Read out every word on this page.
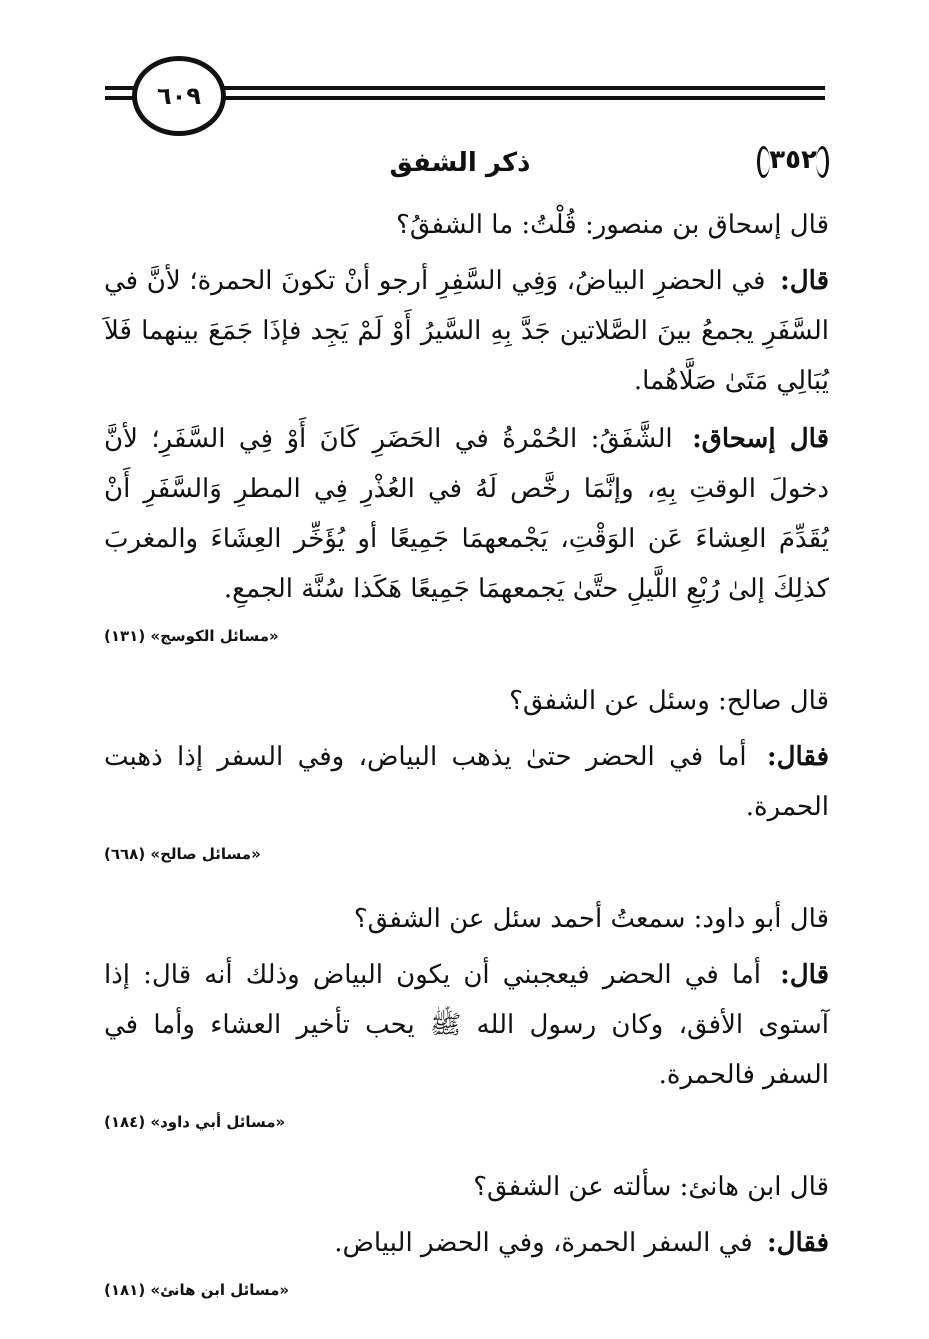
٦٠٩
ذكر الشفق	٣٥٢

قال إسحاق بن منصور: قُلْتُ: ما الشفقُ؟

قال: في الحضرِ البياضُ، وَفِي السَّفِرِ أرجو أنْ تكونَ الحمرة؛ لأنَّ في السَّفَرِ يجمعُ بينَ الصَّلاتين جَدَّ بِهِ السَّيرُ أَوْ لَمْ يَجِد فإذَا جَمَعَ بينهما فَلاَ يُبَالِي مَتَىٰ صَلَّاهُما.

قال إسحاق: الشَّفَقُ: الحُمْرةُ في الحَضَرِ كَانَ أَوْ فِي السَّفَرِ؛ لأنَّ دخولَ الوقتِ بِهِ، وإنَّمَا رخَّص لَهُ في العُذْرِ فِي المطرِ وَالسَّفَرِ أَنْ يُقَدِّمَ العِشاءَ عَن الوَقْتِ، يَجْمعهمَا جَمِيعًا أو يُؤَخِّر العِشَاءَ والمغربَ كذلِكَ إلىٰ رُبْعِ اللَّيلِ حتَّىٰ يَجمعهمَا جَمِيعًا هَكَذا سُنَّة الجمعِ.

«مسائل الكوسج» (١٣١)

قال صالح: وسئل عن الشفق؟

فقال: أما في الحضر حتىٰ يذهب البياض، وفي السفر إذا ذهبت الحمرة.

«مسائل صالح» (٦٦٨)

قال أبو داود: سمعتُ أحمد سئل عن الشفق؟

قال: أما في الحضر فيعجبني أن يكون البياض وذلك أنه قال: إذا آستوى الأفق، وكان رسول الله ﷺ يحب تأخير العشاء وأما في السفر فالحمرة.

«مسائل أبي داود» (١٨٤)

قال ابن هانئ: سألته عن الشفق؟

فقال: في السفر الحمرة، وفي الحضر البياض.

«مسائل ابن هانئ» (١٨١)
